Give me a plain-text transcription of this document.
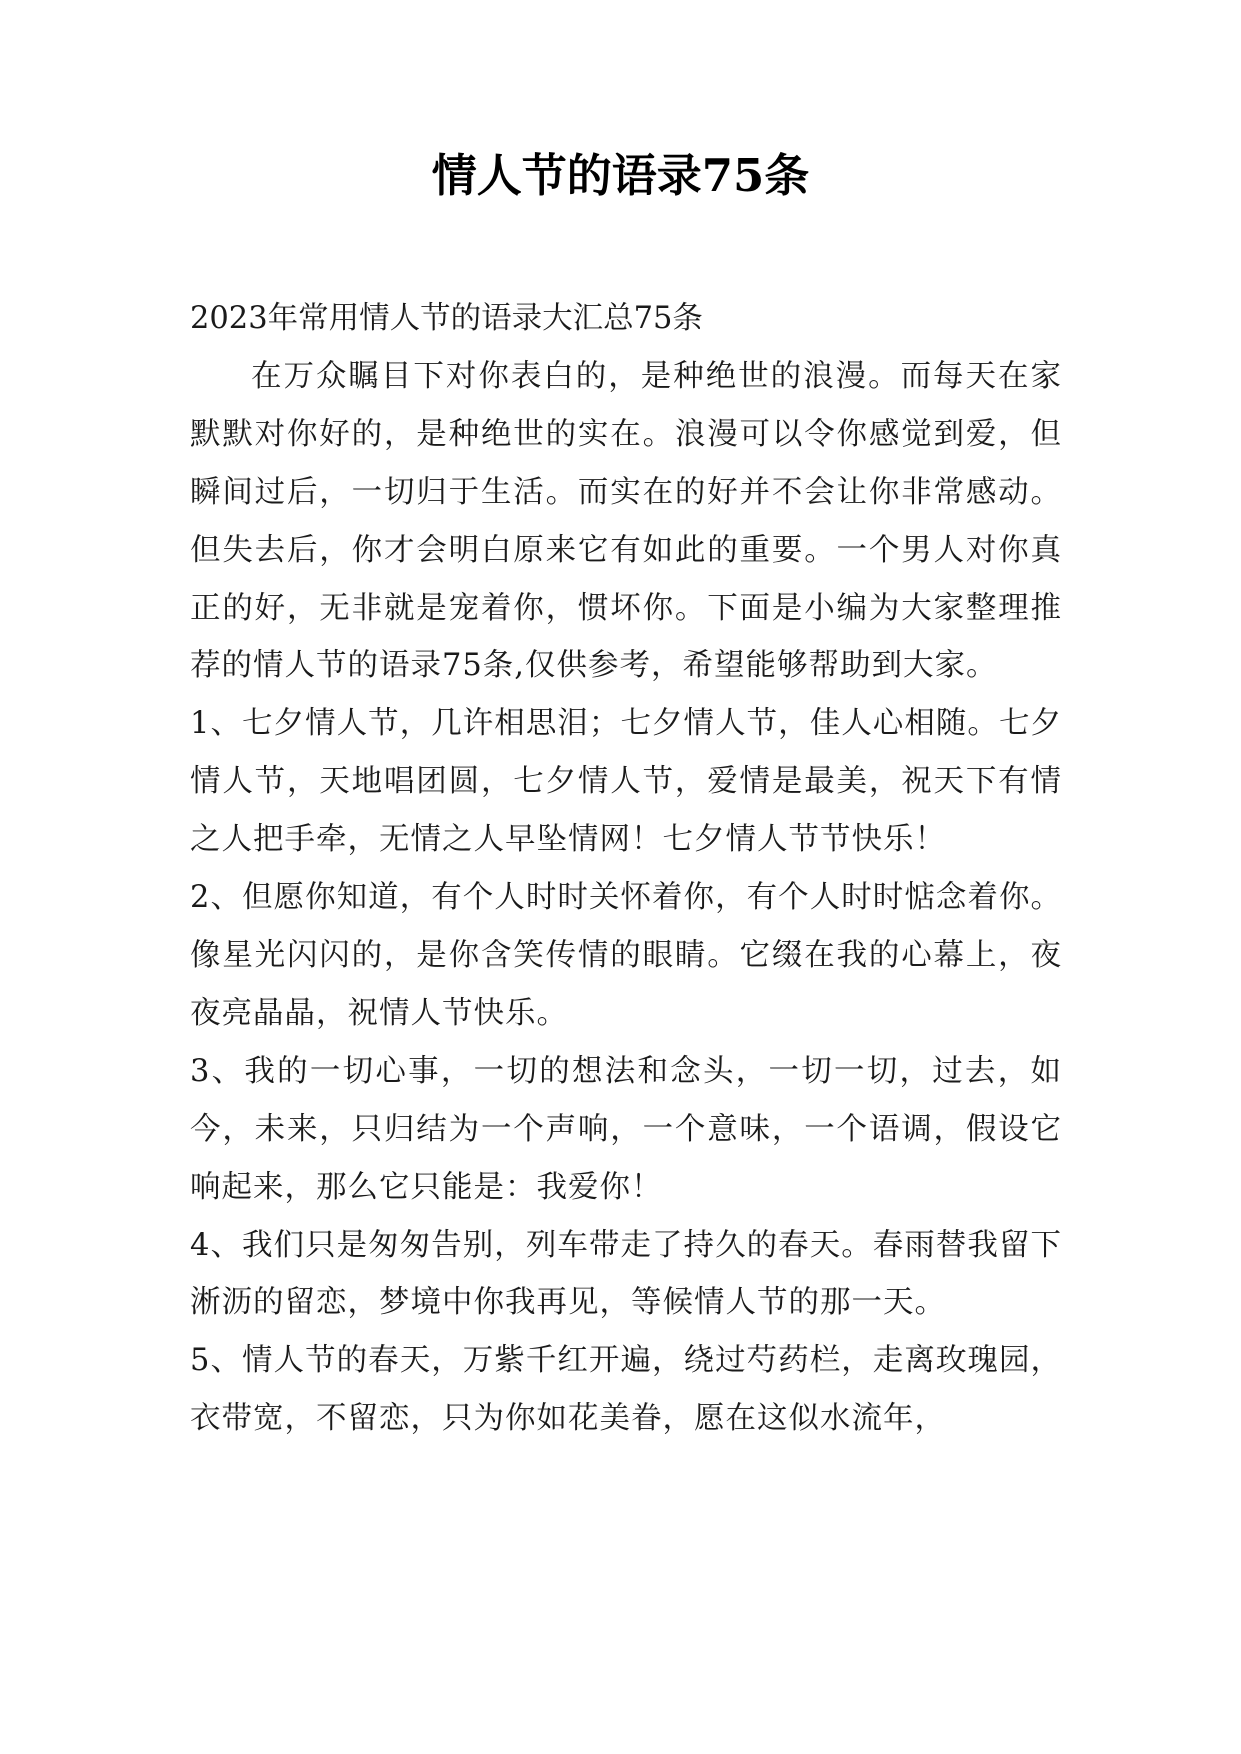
情人节的语录75条

2023年常用情人节的语录大汇总75条

在万众瞩目下对你表白的，是种绝世的浪漫。而每天在家默默对你好的，是种绝世的实在。浪漫可以令你感觉到爱，但瞬间过后，一切归于生活。而实在的好并不会让你非常感动。但失去后，你才会明白原来它有如此的重要。一个男人对你真正的好，无非就是宠着你，惯坏你。下面是小编为大家整理推荐的情人节的语录75条,仅供参考，希望能够帮助到大家。

1、七夕情人节，几许相思泪；七夕情人节，佳人心相随。七夕情人节，天地唱团圆，七夕情人节，爱情是最美，祝天下有情之人把手牵，无情之人早坠情网！七夕情人节节快乐！

2、但愿你知道，有个人时时关怀着你，有个人时时惦念着你。像星光闪闪的，是你含笑传情的眼睛。它缀在我的心幕上，夜夜亮晶晶，祝情人节快乐。

3、我的一切心事，一切的想法和念头，一切一切，过去，如今，未来，只归结为一个声响，一个意味，一个语调，假设它响起来，那么它只能是：我爱你！

4、我们只是匆匆告别，列车带走了持久的春天。春雨替我留下淅沥的留恋，梦境中你我再见，等候情人节的那一天。

5、情人节的春天，万紫千红开遍，绕过芍药栏，走离玫瑰园，衣带宽，不留恋，只为你如花美眷，愿在这似水流年，
